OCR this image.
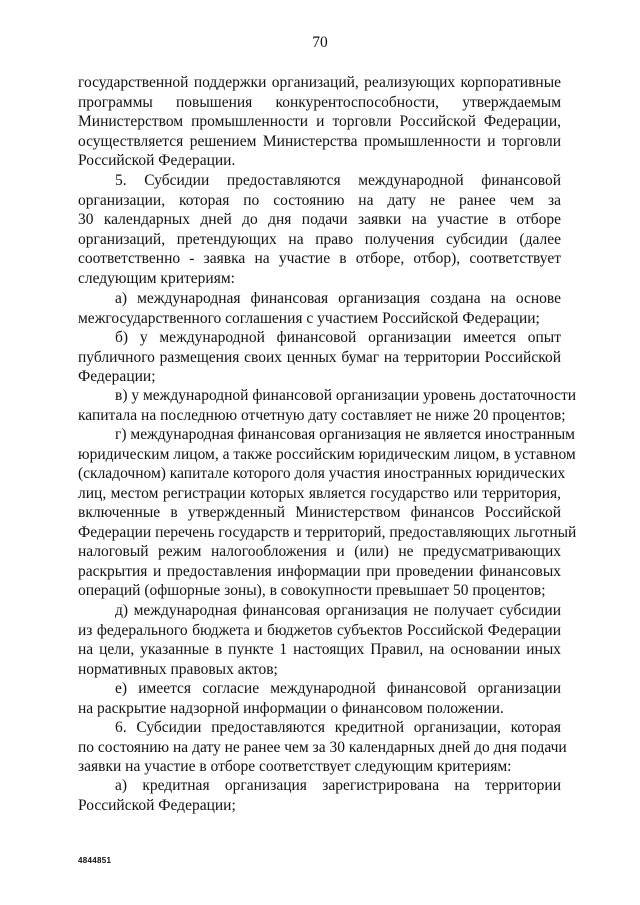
70
государственной поддержки организаций, реализующих корпоративные
программы повышения конкурентоспособности, утверждаемым
Министерством промышленности и торговли Российской Федерации,
осуществляется решением Министерства промышленности и торговли
Российской Федерации.
5. Субсидии предоставляются международной финансовой
организации, которая по состоянию на дату не ранее чем за
30 календарных дней до дня подачи заявки на участие в отборе
организаций, претендующих на право получения субсидии (далее
соответственно - заявка на участие в отборе, отбор), соответствует
следующим критериям:
а) международная финансовая организация создана на основе
межгосударственного соглашения с участием Российской Федерации;
б) у международной финансовой организации имеется опыт
публичного размещения своих ценных бумаг на территории Российской
Федерации;
в) у международной финансовой организации уровень достаточности
капитала на последнюю отчетную дату составляет не ниже 20 процентов;
г) международная финансовая организация не является иностранным
юридическим лицом, а также российским юридическим лицом, в уставном
(складочном) капитале которого доля участия иностранных юридических
лиц, местом регистрации которых является государство или территория,
включенные в утвержденный Министерством финансов Российской
Федерации перечень государств и территорий, предоставляющих льготный
налоговый режим налогообложения и (или) не предусматривающих
раскрытия и предоставления информации при проведении финансовых
операций (офшорные зоны), в совокупности превышает 50 процентов;
д) международная финансовая организация не получает субсидии
из федерального бюджета и бюджетов субъектов Российской Федерации
на цели, указанные в пункте 1 настоящих Правил, на основании иных
нормативных правовых актов;
е) имеется согласие международной финансовой организации
на раскрытие надзорной информации о финансовом положении.
6. Субсидии предоставляются кредитной организации, которая
по состоянию на дату не ранее чем за 30 календарных дней до дня подачи
заявки на участие в отборе соответствует следующим критериям:
а) кредитная организация зарегистрирована на территории
Российской Федерации;
4844851
